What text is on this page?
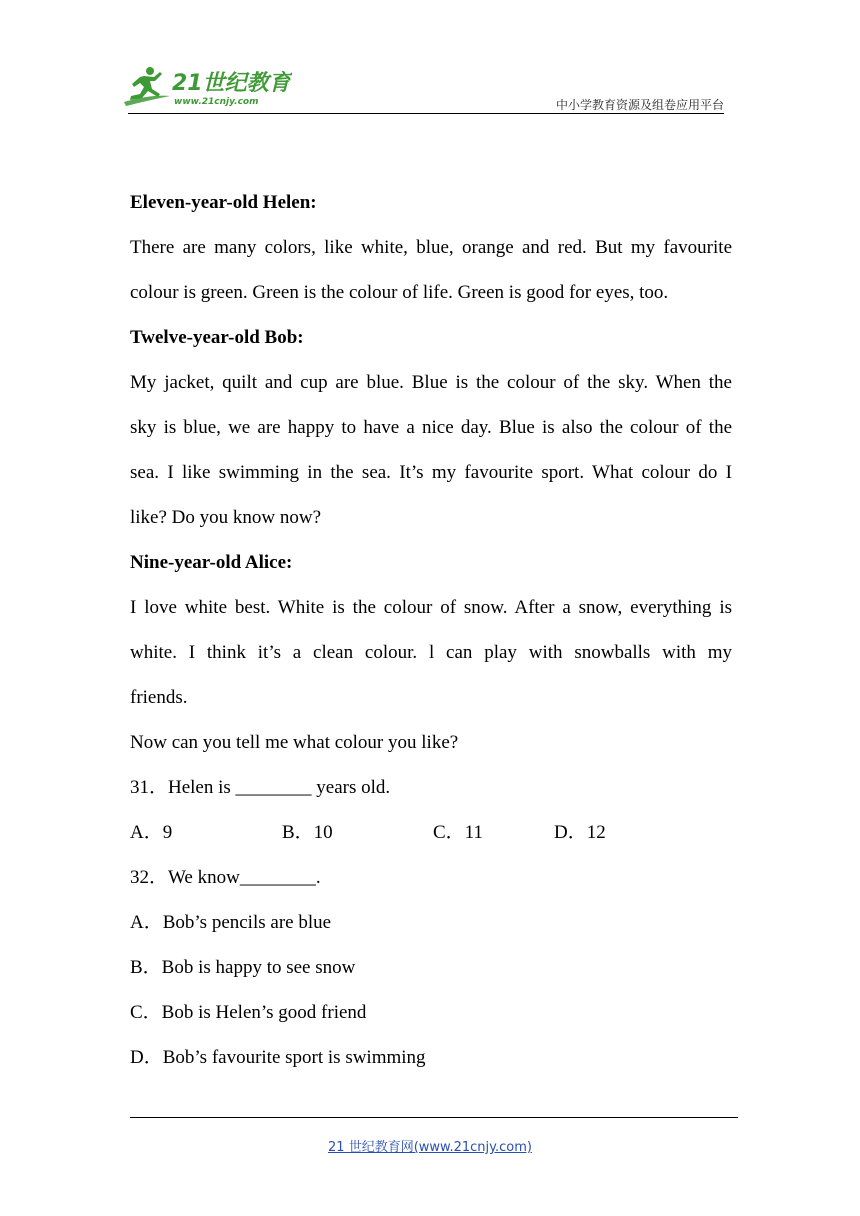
21世纪教育
www.21cnjy.com	中小学教育资源及组卷应用平台
Eleven-year-old Helen:
There are many colors, like white, blue, orange and red. But my favourite
colour is green. Green is the colour of life. Green is good for eyes, too.
Twelve-year-old Bob:
My jacket, quilt and cup are blue. Blue is the colour of the sky. When the
sky is blue, we are happy to have a nice day. Blue is also the colour of the
sea. I like swimming in the sea. It’s my favourite sport. What colour do I
like? Do you know now?
Nine-year-old Alice:
I love white best. White is the colour of snow. After a snow, everything is
white. I think it’s a clean colour. l can play with snowballs with my
friends.
Now can you tell me what colour you like?
31．Helen is ________ years old.
A．9	B．10	C．11	D．12
32．We know________.
A．Bob’s pencils are blue
B．Bob is happy to see snow
C．Bob is Helen’s good friend
D．Bob’s favourite sport is swimming
21 世纪教育网(www.21cnjy.com)
